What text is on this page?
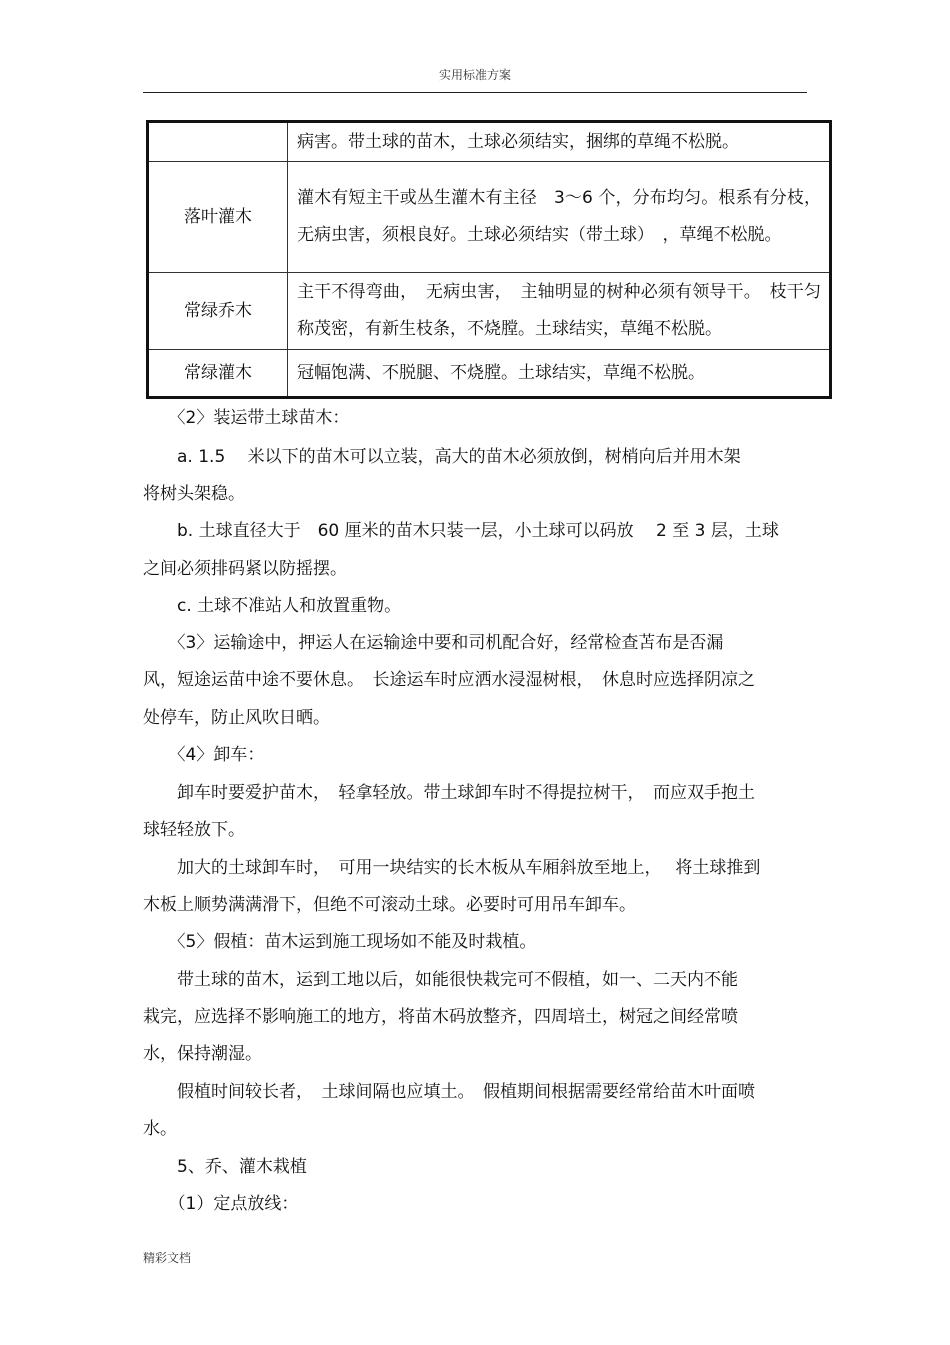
实用标准方案
	病害。带土球的苗木，土球必须结实，捆绑的草绳不松脱。
落叶灌木	灌木有短主干或丛生灌木有主径　3～6 个，分布均匀。根系有分枝，无病虫害，须根良好。土球必须结实（带土球）　，草绳不松脱。
常绿乔木	主干不得弯曲，　无病虫害，　主轴明显的树种必须有领导干。　枝干匀称茂密，有新生枝条，不烧膛。土球结实，草绳不松脱。
常绿灌木	冠幅饱满、不脱腿、不烧膛。土球结实，草绳不松脱。
　　〈2〉装运带土球苗木：
　　a. 1.5　 米以下的苗木可以立装，高大的苗木必须放倒，树梢向后并用木架
将树头架稳。
　　b. 土球直径大于　60 厘米的苗木只装一层，小土球可以码放　 2 至 3 层，土球
之间必须排码紧以防摇摆。
　　c. 土球不准站人和放置重物。
　　〈3〉运输途中，押运人在运输途中要和司机配合好，经常检查苫布是否漏
风，短途运苗中途不要休息。　长途运车时应洒水浸湿树根，　休息时应选择阴凉之
处停车，防止风吹日晒。
　　〈4〉卸车：
　　卸车时要爱护苗木，　轻拿轻放。带土球卸车时不得提拉树干，　而应双手抱土
球轻轻放下。
　　加大的土球卸车时，　可用一块结实的长木板从车厢斜放至地上，　 将土球推到
木板上顺势满满滑下，但绝不可滚动土球。必要时可用吊车卸车。
　　〈5〉假植：苗木运到施工现场如不能及时栽植。
　　带土球的苗木，运到工地以后，如能很快栽完可不假植，如一、二天内不能
栽完，应选择不影响施工的地方，将苗木码放整齐，四周培土，树冠之间经常喷
水，保持潮湿。
　　假植时间较长者，　土球间隔也应填土。　假植期间根据需要经常给苗木叶面喷
水。
　　5、乔、灌木栽植
　　（1）定点放线：
精彩文档
